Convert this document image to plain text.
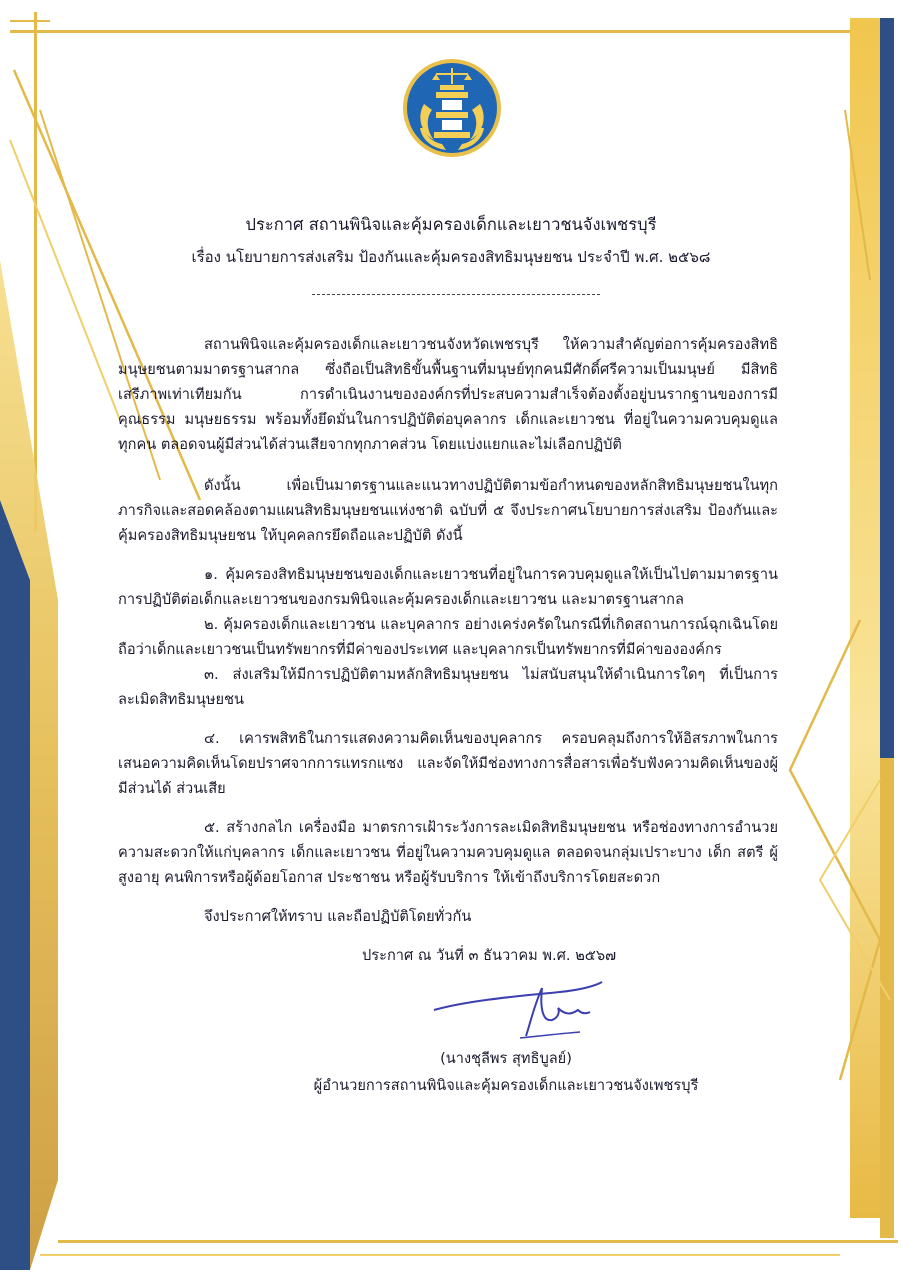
ประกาศ สถานพินิจและคุ้มครองเด็กและเยาวชนจังเพชรบุรี
เรื่อง นโยบายการส่งเสริม ป้องกันและคุ้มครองสิทธิมนุษยชน ประจำปี พ.ศ. ๒๕๖๘

สถานพินิจและคุ้มครองเด็กและเยาวชนจังหวัดเพชรบุรี ให้ความสำคัญต่อการคุ้มครองสิทธิมนุษยชนตามมาตรฐานสากล ซึ่งถือเป็นสิทธิขั้นพื้นฐานที่มนุษย์ทุกคนมีศักดิ์ศรีความเป็นมนุษย์ มีสิทธิเสรีภาพเท่าเทียมกัน การดำเนินงานขององค์กรที่ประสบความสำเร็จต้องตั้งอยู่บนรากฐานของการมีคุณธรรม มนุษยธรรม พร้อมทั้งยึดมั่นในการปฏิบัติต่อบุคลากร เด็กและเยาวชน ที่อยู่ในความควบคุมดูแลทุกคน ตลอดจนผู้มีส่วนได้ส่วนเสียจากทุกภาคส่วน โดยแบ่งแยกและไม่เลือกปฏิบัติ

ดังนั้น เพื่อเป็นมาตรฐานและแนวทางปฏิบัติตามข้อกำหนดของหลักสิทธิมนุษยชนในทุกภารกิจและสอดคล้องตามแผนสิทธิมนุษยชนแห่งชาติ ฉบับที่ ๕ จึงประกาศนโยบายการส่งเสริม ป้องกันและคุ้มครองสิทธิมนุษยชน ให้บุคคลกรยึดถือและปฏิบัติ ดังนี้

๑. คุ้มครองสิทธิมนุษยชนของเด็กและเยาวชนที่อยู่ในการควบคุมดูแลให้เป็นไปตามมาตรฐานการปฏิบัติต่อเด็กและเยาวชนของกรมพินิจและคุ้มครองเด็กและเยาวชน และมาตรฐานสากล

๒. คุ้มครองเด็กและเยาวชน และบุคลากร อย่างเคร่งครัดในกรณีที่เกิดสถานการณ์ฉุกเฉินโดยถือว่าเด็กและเยาวชนเป็นทรัพยากรที่มีค่าของประเทศ และบุคลากรเป็นทรัพยากรที่มีค่าขององค์กร

๓. ส่งเสริมให้มีการปฏิบัติตามหลักสิทธิมนุษยชน ไม่สนับสนุนให้ดำเนินการใดๆ ที่เป็นการละเมิดสิทธิมนุษยชน

๔. เคารพสิทธิในการแสดงความคิดเห็นของบุคลากร ครอบคลุมถึงการให้อิสรภาพในการเสนอความคิดเห็นโดยปราศจากการแทรกแซง และจัดให้มีช่องทางการสื่อสารเพื่อรับฟังความคิดเห็นของผู้มีส่วนได้ ส่วนเสีย

๕. สร้างกลไก เครื่องมือ มาตรการเฝ้าระวังการละเมิดสิทธิมนุษยชน หรือช่องทางการอำนวยความสะดวกให้แก่บุคลากร เด็กและเยาวชน ที่อยู่ในความควบคุมดูแล ตลอดจนกลุ่มเปราะบาง เด็ก สตรี ผู้สูงอายุ คนพิการหรือผู้ด้อยโอกาส ประชาชน หรือผู้รับบริการ ให้เข้าถึงบริการโดยสะดวก

จึงประกาศให้ทราบ และถือปฏิบัติโดยทั่วกัน

ประกาศ ณ วันที่ ๓ ธันวาคม พ.ศ. ๒๕๖๗
(นางชุลีพร สุทธิบูลย์)
ผู้อำนวยการสถานพินิจและคุ้มครองเด็กและเยาวชนจังเพชรบุรี
